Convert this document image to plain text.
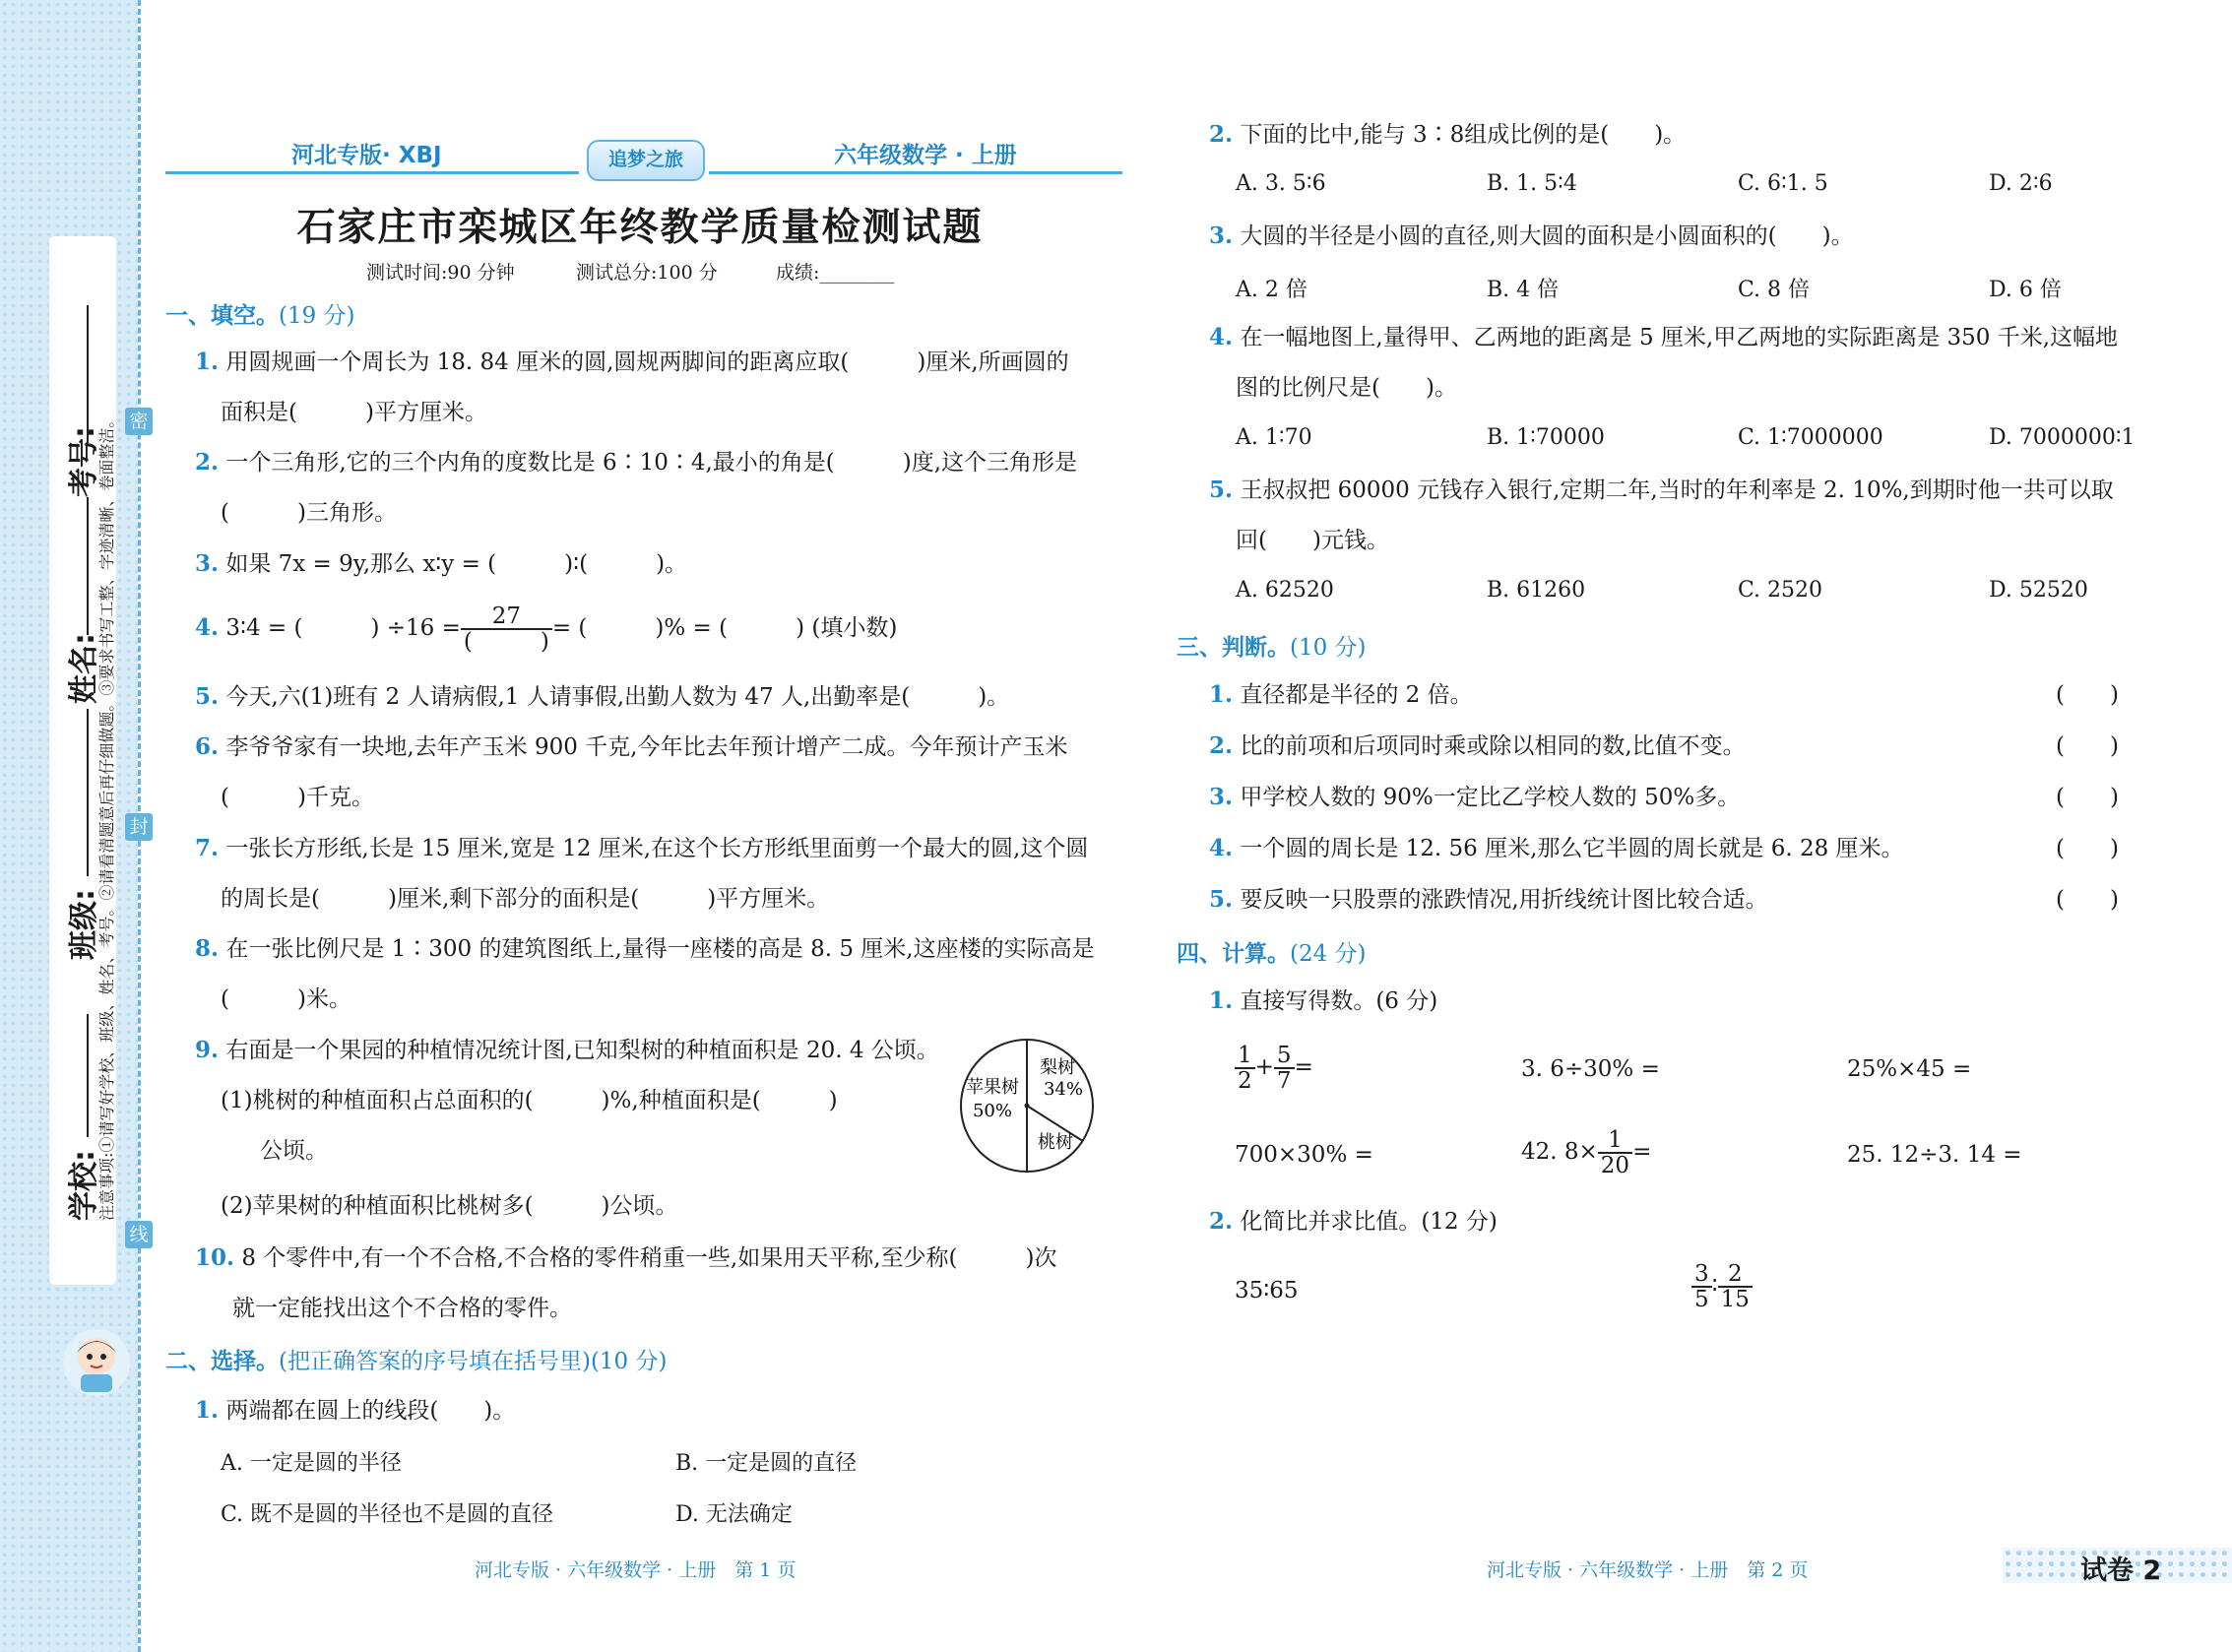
密
封
线
学校:
班级:
姓名:
考号:
注意事项:①请写好学校、班级、姓名、考号。②请看清题意后再仔细做题。③要求书写工整、字迹清晰、卷面整洁。
河北专版· XBJ	六年级数学 · 上册
追梦之旅
石家庄市栾城区年终教学质量检测试题
测试时间:90 分钟	测试总分:100 分	成绩:________
一、填空。(19 分)
1. 用圆规画一个周长为 18. 84 厘米的圆,圆规两脚间的距离应取(　　　)厘米,所画圆的
面积是(　　　)平方厘米。
2. 一个三角形,它的三个内角的度数比是 6∶10∶4,最小的角是(　　　)度,这个三角形是
(　　　)三角形。
3. 如果 7x = 9y,那么 x∶y = (　　　)∶(　　　)。
4. 3∶4 = (　　　) $\div 16 = \frac{27}{( )}$ = (　　　)% = (　　　) (填小数)
5. 今天,六(1)班有 2 人请病假,1 人请事假,出勤人数为 47 人,出勤率是(　　　)。
6. 李爷爷家有一块地,去年产玉米 900 千克,今年比去年预计增产二成。今年预计产玉米
(　　　)千克。
7. 一张长方形纸,长是 15 厘米,宽是 12 厘米,在这个长方形纸里面剪一个最大的圆,这个圆
的周长是(　　　)厘米,剩下部分的面积是(　　　)平方厘米。
8. 在一张比例尺是 1∶300 的建筑图纸上,量得一座楼的高是 8. 5 厘米,这座楼的实际高是
(　　　)米。
9. 右面是一个果园的种植情况统计图,已知梨树的种植面积是 20. 4 公顷。
(1)桃树的种植面积占总面积的(　　　)%,种植面积是(　　　)
公顷。
(2)苹果树的种植面积比桃树多(　　　)公顷。
苹果树
50%
梨树
34%
桃树
10. 8 个零件中,有一个不合格,不合格的零件稍重一些,如果用天平称,至少称(　　　)次
就一定能找出这个不合格的零件。
二、选择。(把正确答案的序号填在括号里)(10 分)
1. 两端都在圆上的线段(　　)。
A. 一定是圆的半径	B. 一定是圆的直径
C. 既不是圆的半径也不是圆的直径	D. 无法确定
河北专版 · 六年级数学 · 上册　第 1 页
2. 下面的比中,能与 3∶8组成比例的是(　　)。
A. 3. 5∶6	B. 1. 5∶4	C. 6∶1. 5	D. 2∶6
3. 大圆的半径是小圆的直径,则大圆的面积是小圆面积的(　　)。
A. 2 倍	B. 4 倍	C. 8 倍	D. 6 倍
4. 在一幅地图上,量得甲、乙两地的距离是 5 厘米,甲乙两地的实际距离是 350 千米,这幅地
图的比例尺是(　　)。
A. 1∶70	B. 1∶70000	C. 1∶7000000	D. 7000000∶1
5. 王叔叔把 60000 元钱存入银行,定期二年,当时的年利率是 2. 10%,到期时他一共可以取
回(　　)元钱。
A. 62520	B. 61260	C. 2520	D. 52520
三、判断。(10 分)
1. 直径都是半径的 2 倍。	(　　)
2. 比的前项和后项同时乘或除以相同的数,比值不变。	(　　)
3. 甲学校人数的 90%一定比乙学校人数的 50%多。	(　　)
4. 一个圆的周长是 12. 56 厘米,那么它半圆的周长就是 6. 28 厘米。	(　　)
5. 要反映一只股票的涨跌情况,用折线统计图比较合适。	(　　)
四、计算。(24 分)
1. 直接写得数。(6 分)
$\frac{1}{2} + \frac{5}{7}$ =	3. 6÷30% =	25%×45 =
700×30% =	42. $8\times \frac{1}{20}$ =	25. 12÷3. 14 =
2. 化简比并求比值。(12 分)
35∶65	$\frac{3}{5}$ ∶ $\frac{2}{15}$
河北专版 · 六年级数学 · 上册　第 2 页	试卷 2
